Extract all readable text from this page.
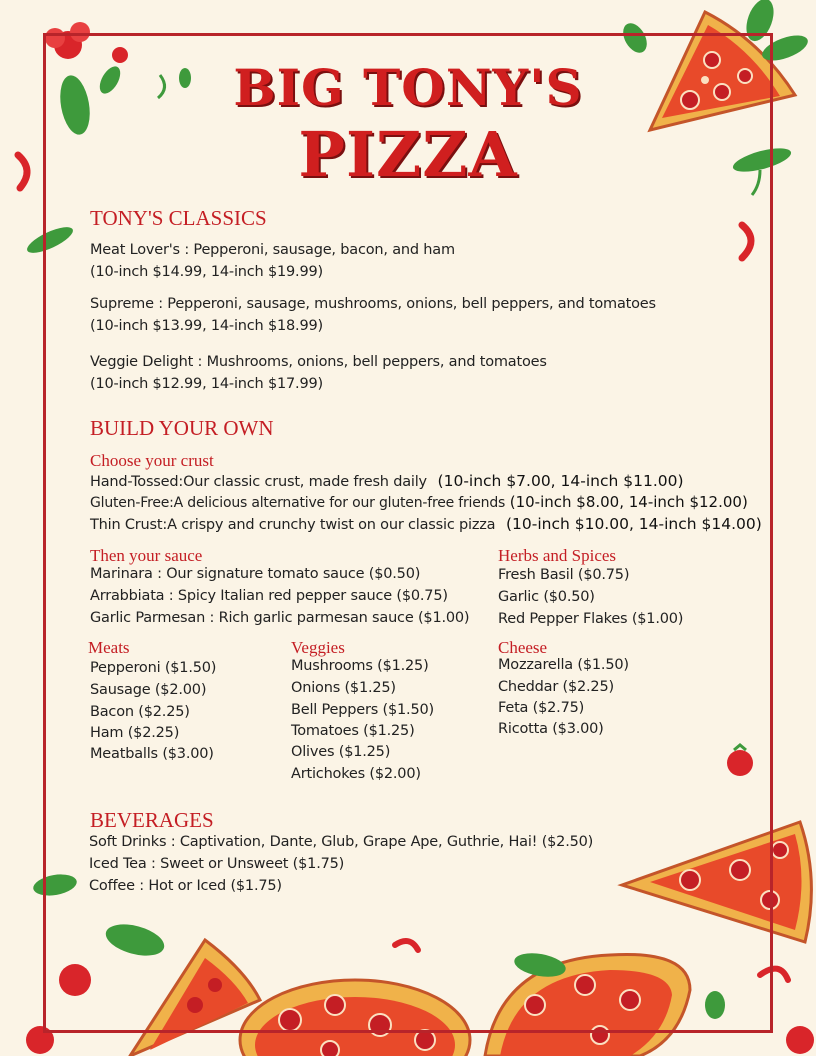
BIG TONY'S
PIZZA
TONY'S CLASSICS
Meat Lover's : Pepperoni, sausage, bacon, and ham
(10-inch $14.99, 14-inch $19.99)
Supreme : Pepperoni, sausage, mushrooms, onions, bell peppers, and tomatoes
(10-inch $13.99, 14-inch $18.99)
Veggie Delight : Mushrooms, onions, bell peppers, and tomatoes
(10-inch $12.99, 14-inch $17.99)
BUILD YOUR OWN
Choose your crust
Hand-Tossed:Our classic crust, made fresh daily (10-inch $7.00, 14-inch $11.00)
Gluten-Free:A delicious alternative for our gluten-free friends (10-inch $8.00, 14-inch $12.00)
Thin Crust:A crispy and crunchy twist on our classic pizza (10-inch $10.00, 14-inch $14.00)
Then your sauce
Marinara : Our signature tomato sauce ($0.50)
Arrabbiata : Spicy Italian red pepper sauce ($0.75)
Garlic Parmesan : Rich garlic parmesan sauce ($1.00)
Herbs and Spices
Fresh Basil ($0.75)
Garlic ($0.50)
Red Pepper Flakes ($1.00)
Meats
Pepperoni ($1.50)
Sausage ($2.00)
Bacon ($2.25)
Ham ($2.25)
Meatballs ($3.00)
Veggies
Mushrooms ($1.25)
Onions ($1.25)
Bell Peppers ($1.50)
Tomatoes ($1.25)
Olives ($1.25)
Artichokes ($2.00)
Cheese
Mozzarella ($1.50)
Cheddar ($2.25)
Feta ($2.75)
Ricotta ($3.00)
BEVERAGES
Soft Drinks : Captivation, Dante, Glub, Grape Ape, Guthrie, Hai! ($2.50)
Iced Tea : Sweet or Unsweet ($1.75)
Coffee : Hot or Iced ($1.75)
